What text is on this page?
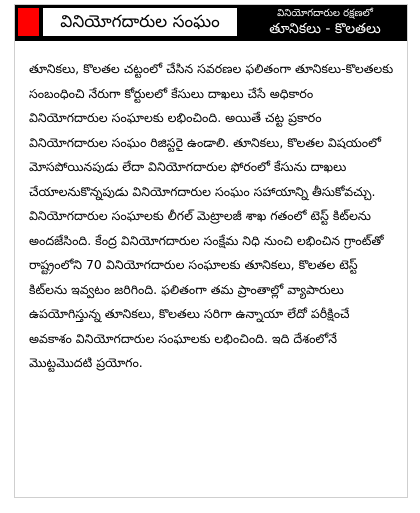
వినియోగదారుల సంఘం	వినియోగదారుల రక్షణలో
తూనికలు - కొలతలు

తూనికలు, కొలతల చట్టంలో చేసిన సవరణల ఫలితంగా తూనికలు-కొలతలకు సంబంధించి నేరుగా కోర్టులలో కేసులు దాఖలు చేసే అధికారం వినియోగదారుల సంఘాలకు లభించింది. అయితే చట్ట ప్రకారం వినియోగదారుల సంఘం రిజిస్టరై ఉండాలి. తూనికలు, కొలతల విషయంలో మోసపోయినపుడు లేదా వినియోగదారుల ఫోరంలో కేసును దాఖలు చేయాలనుకొన్నపుడు వినియోగదారుల సంఘం సహాయాన్ని తీసుకోవచ్చు.

వినియోగదారుల సంఘాలకు లీగల్ మెట్రాలజీ శాఖ గతంలో టెస్ట్ కిట్‌లను అందజేసింది. కేంద్ర వినియోగదారుల సంక్షేమ నిధి నుంచి లభించిన గ్రాంట్‌తో రాష్ట్రంలోని 70 వినియోగదారుల సంఘాలకు తూనికలు, కొలతల టెస్ట్ కిట్‌లను ఇవ్వటం జరిగింది. ఫలితంగా తమ ప్రాంతాల్లో వ్యాపారులు ఉపయోగిస్తున్న తూనికలు, కొలతలు సరిగా ఉన్నాయా లేదో పరీక్షించే అవకాశం వినియోగదారుల సంఘాలకు లభించింది. ఇది దేశంలోనే మొట్టమొదటి ప్రయోగం.
